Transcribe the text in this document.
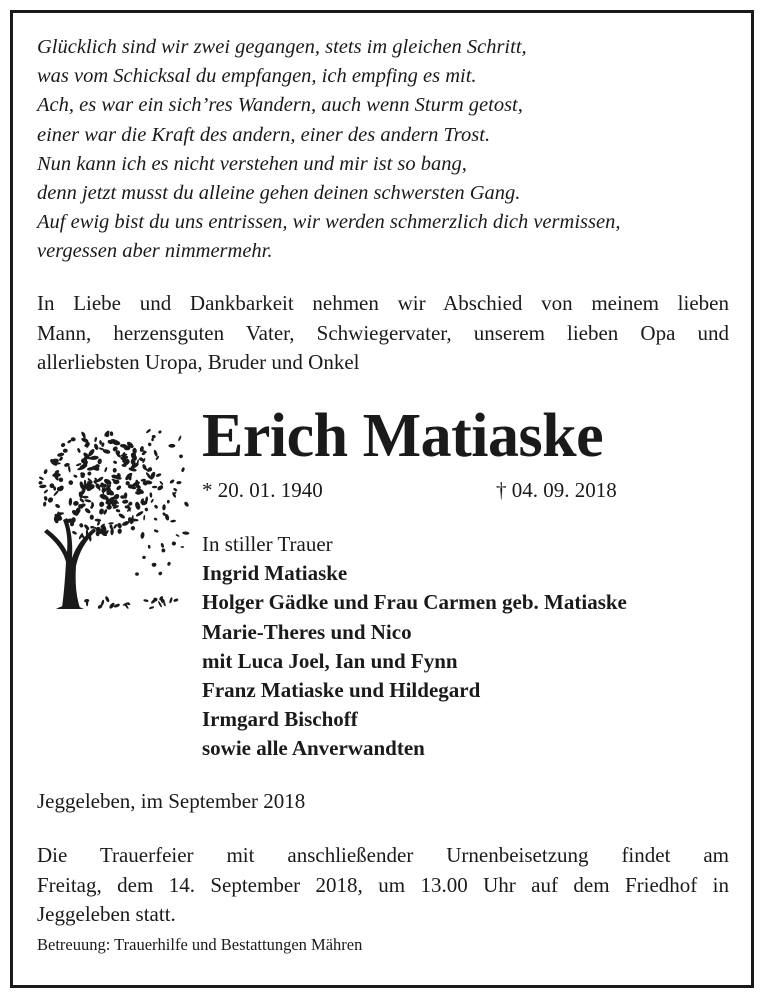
Glücklich sind wir zwei gegangen, stets im gleichen Schritt,
was vom Schicksal du empfangen, ich empfing es mit.
Ach, es war ein sich’res Wandern, auch wenn Sturm getost,
einer war die Kraft des andern, einer des andern Trost.
Nun kann ich es nicht verstehen und mir ist so bang,
denn jetzt musst du alleine gehen deinen schwersten Gang.
Auf ewig bist du uns entrissen, wir werden schmerzlich dich vermissen,
vergessen aber nimmermehr.
In Liebe und Dankbarkeit nehmen wir Abschied von meinem lieben
Mann, herzensguten Vater, Schwiegervater, unserem lieben Opa und
allerliebsten Uropa, Bruder und Onkel
Erich Matiaske
* 20. 01. 1940	† 04. 09. 2018
In stiller Trauer
Ingrid Matiaske
Holger Gädke und Frau Carmen geb. Matiaske
Marie-Theres und Nico
mit Luca Joel, Ian und Fynn
Franz Matiaske und Hildegard
Irmgard Bischoff
sowie alle Anverwandten
Jeggeleben, im September 2018
Die Trauerfeier mit anschließender Urnenbeisetzung findet am
Freitag, dem 14. September 2018, um 13.00 Uhr auf dem Friedhof in
Jeggeleben statt.
Betreuung: Trauerhilfe und Bestattungen Mähren
